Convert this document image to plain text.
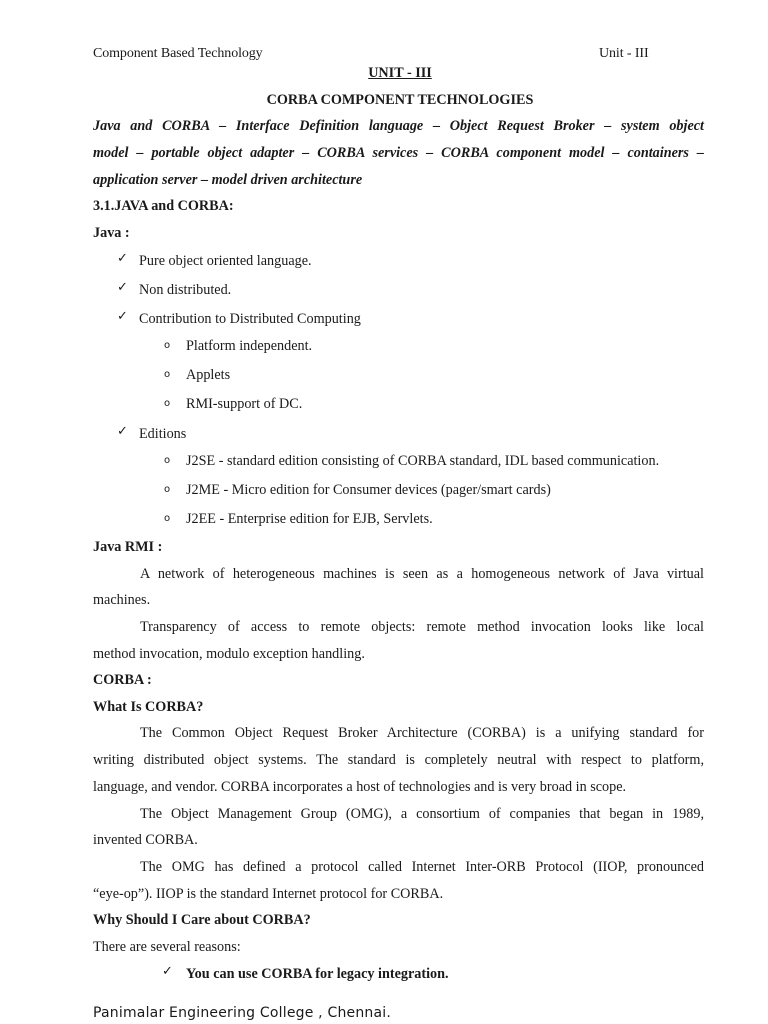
Component Based Technology	Unit - III
UNIT - III
CORBA COMPONENT TECHNOLOGIES
Java and CORBA – Interface Definition language – Object Request Broker – system object
model – portable object adapter – CORBA services – CORBA component model – containers –
application server – model driven architecture
3.1.JAVA and CORBA:
Java :
✓ Pure object oriented language.
✓ Non distributed.
✓ Contribution to Distributed Computing
o Platform independent.
o Applets
o RMI-support of DC.
✓ Editions
o J2SE - standard edition consisting of CORBA standard, IDL based communication.
o J2ME - Micro edition for Consumer devices (pager/smart cards)
o J2EE - Enterprise edition for EJB, Servlets.
Java RMI :
A network of heterogeneous machines is seen as a homogeneous network of Java virtual
machines.
Transparency of access to remote objects: remote method invocation looks like local
method invocation, modulo exception handling.
CORBA :
What Is CORBA?
The Common Object Request Broker Architecture (CORBA) is a unifying standard for
writing distributed object systems. The standard is completely neutral with respect to platform,
language, and vendor. CORBA incorporates a host of technologies and is very broad in scope.
The Object Management Group (OMG), a consortium of companies that began in 1989,
invented CORBA.
The OMG has defined a protocol called Internet Inter-ORB Protocol (IIOP, pronounced
“eye-op”). IIOP is the standard Internet protocol for CORBA.
Why Should I Care about CORBA?
There are several reasons:
✓ You can use CORBA for legacy integration.
Panimalar Engineering College , Chennai.
